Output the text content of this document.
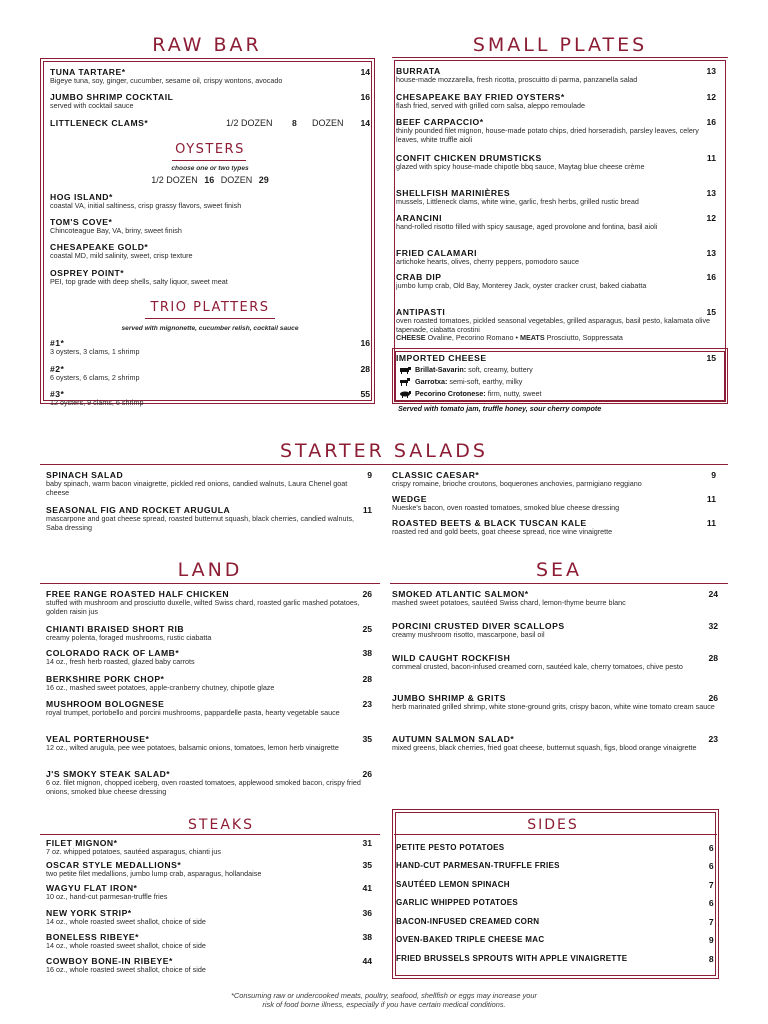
RAW BAR
TUNA TARTARE*	14
Bigeye tuna, soy, ginger, cucumber, sesame oil, crispy wontons, avocado
JUMBO SHRIMP COCKTAIL	16
served with cocktail sauce
LITTLENECK CLAMS*	1/2 DOZEN 8 DOZEN 14
OYSTERS
choose one or two types
1/2 DOZEN 16 DOZEN 29
HOG ISLAND*
coastal VA, initial saltiness, crisp grassy flavors, sweet finish
TOM'S COVE*
Chincoteague Bay, VA, briny, sweet finish
CHESAPEAKE GOLD*
coastal MD, mild salinity, sweet, crisp texture
OSPREY POINT*
PEI, top grade with deep shells, salty liquor, sweet meat
TRIO PLATTERS
served with mignonette, cucumber relish, cocktail sauce
#1*	16
3 oysters, 3 clams, 1 shrimp
#2*	28
6 oysters, 6 clams, 2 shrimp
#3*	55
12 oysters, 9 clams, 6 shrimp
SMALL PLATES
BURRATA	13
house-made mozzarella, fresh ricotta, proscuitto di parma, panzanella salad
CHESAPEAKE BAY FRIED OYSTERS*	12
flash fried, served with grilled corn salsa, aleppo remoulade
BEEF CARPACCIO*	16
thinly pounded filet mignon, house-made potato chips, dried horseradish, parsley leaves, celery leaves, white truffle aioli
CONFIT CHICKEN DRUMSTICKS	11
glazed with spicy house-made chipotle bbq sauce, Maytag blue cheese crème
SHELLFISH MARINIÈRES	13
mussels, Littleneck clams, white wine, garlic, fresh herbs, grilled rustic bread
ARANCINI	12
hand-rolled risotto filled with spicy sausage, aged provolone and fontina, basil aioli
FRIED CALAMARI	13
artichoke hearts, olives, cherry peppers, pomodoro sauce
CRAB DIP	16
jumbo lump crab, Old Bay, Monterey Jack, oyster cracker crust, baked ciabatta
ANTIPASTI	15
oven roasted tomatoes, pickled seasonal vegetables, grilled asparagus, basil pesto, kalamata olive tapenade, ciabatta crostini
CHEESE Ovaline, Pecorino Romano • MEATS Prosciutto, Soppressata
IMPORTED CHEESE	15
Brillat-Savarin: soft, creamy, buttery
Garrotxa: semi-soft, earthy, milky
Pecorino Crotonese: firm, nutty, sweet
Served with tomato jam, truffle honey, sour cherry compote
STARTER SALADS
SPINACH SALAD	9
baby spinach, warm bacon vinaigrette, pickled red onions, candied walnuts, Laura Chenel goat cheese
SEASONAL FIG AND ROCKET ARUGULA	11
mascarpone and goat cheese spread, roasted butternut squash, black cherries, candied walnuts, Saba dressing
CLASSIC CAESAR*	9
crispy romaine, brioche croutons, boquerones anchovies, parmigiano reggiano
WEDGE	11
Nueske's bacon, oven roasted tomatoes, smoked blue cheese dressing
ROASTED BEETS & BLACK TUSCAN KALE	11
roasted red and gold beets, goat cheese spread, rice wine vinaigrette
LAND
FREE RANGE ROASTED HALF CHICKEN	26
stuffed with mushroom and prosciutto duxelle, wilted Swiss chard, roasted garlic mashed potatoes, golden raisin jus
CHIANTI BRAISED SHORT RIB	25
creamy polenta, foraged mushrooms, rustic ciabatta
COLORADO RACK OF LAMB*	38
14 oz., fresh herb roasted, glazed baby carrots
BERKSHIRE PORK CHOP*	28
16 oz., mashed sweet potatoes, apple-cranberry chutney, chipotle glaze
MUSHROOM BOLOGNESE	23
royal trumpet, portobello and porcini mushrooms, pappardelle pasta, hearty vegetable sauce
VEAL PORTERHOUSE*	35
12 oz., wilted arugula, pee wee potatoes, balsamic onions, tomatoes, lemon herb vinaigrette
J'S SMOKY STEAK SALAD*	26
6 oz. filet mignon, chopped iceberg, oven roasted tomatoes, applewood smoked bacon, crispy fried onions, smoked blue cheese dressing
SEA
SMOKED ATLANTIC SALMON*	24
mashed sweet potatoes, sautéed Swiss chard, lemon-thyme beurre blanc
PORCINI CRUSTED DIVER SCALLOPS	32
creamy mushroom risotto, mascarpone, basil oil
WILD CAUGHT ROCKFISH	28
cornmeal crusted, bacon-infused creamed corn, sautéed kale, cherry tomatoes, chive pesto
JUMBO SHRIMP & GRITS	26
herb marinated grilled shrimp, white stone-ground grits, crispy bacon, white wine tomato cream sauce
AUTUMN SALMON SALAD*	23
mixed greens, black cherries, fried goat cheese, butternut squash, figs, blood orange vinaigrette
STEAKS
FILET MIGNON*	31
7 oz. whipped potatoes, sautéed asparagus, chianti jus
OSCAR STYLE MEDALLIONS*	35
two petite filet medallions, jumbo lump crab, asparagus, hollandaise
WAGYU FLAT IRON*	41
10 oz., hand-cut parmesan-truffle fries
NEW YORK STRIP*	36
14 oz., whole roasted sweet shallot, choice of side
BONELESS RIBEYE*	38
14 oz., whole roasted sweet shallot, choice of side
COWBOY BONE-IN RIBEYE*	44
16 oz., whole roasted sweet shallot, choice of side
SIDES
PETITE PESTO POTATOES	6
HAND-CUT PARMESAN-TRUFFLE FRIES	6
SAUTÉED LEMON SPINACH	7
GARLIC WHIPPED POTATOES	6
BACON-INFUSED CREAMED CORN	7
OVEN-BAKED TRIPLE CHEESE MAC	9
FRIED BRUSSELS SPROUTS WITH APPLE VINAIGRETTE	8
*Consuming raw or undercooked meats, poultry, seafood, shellfish or eggs may increase your
risk of food borne illness, especially if you have certain medical conditions.
